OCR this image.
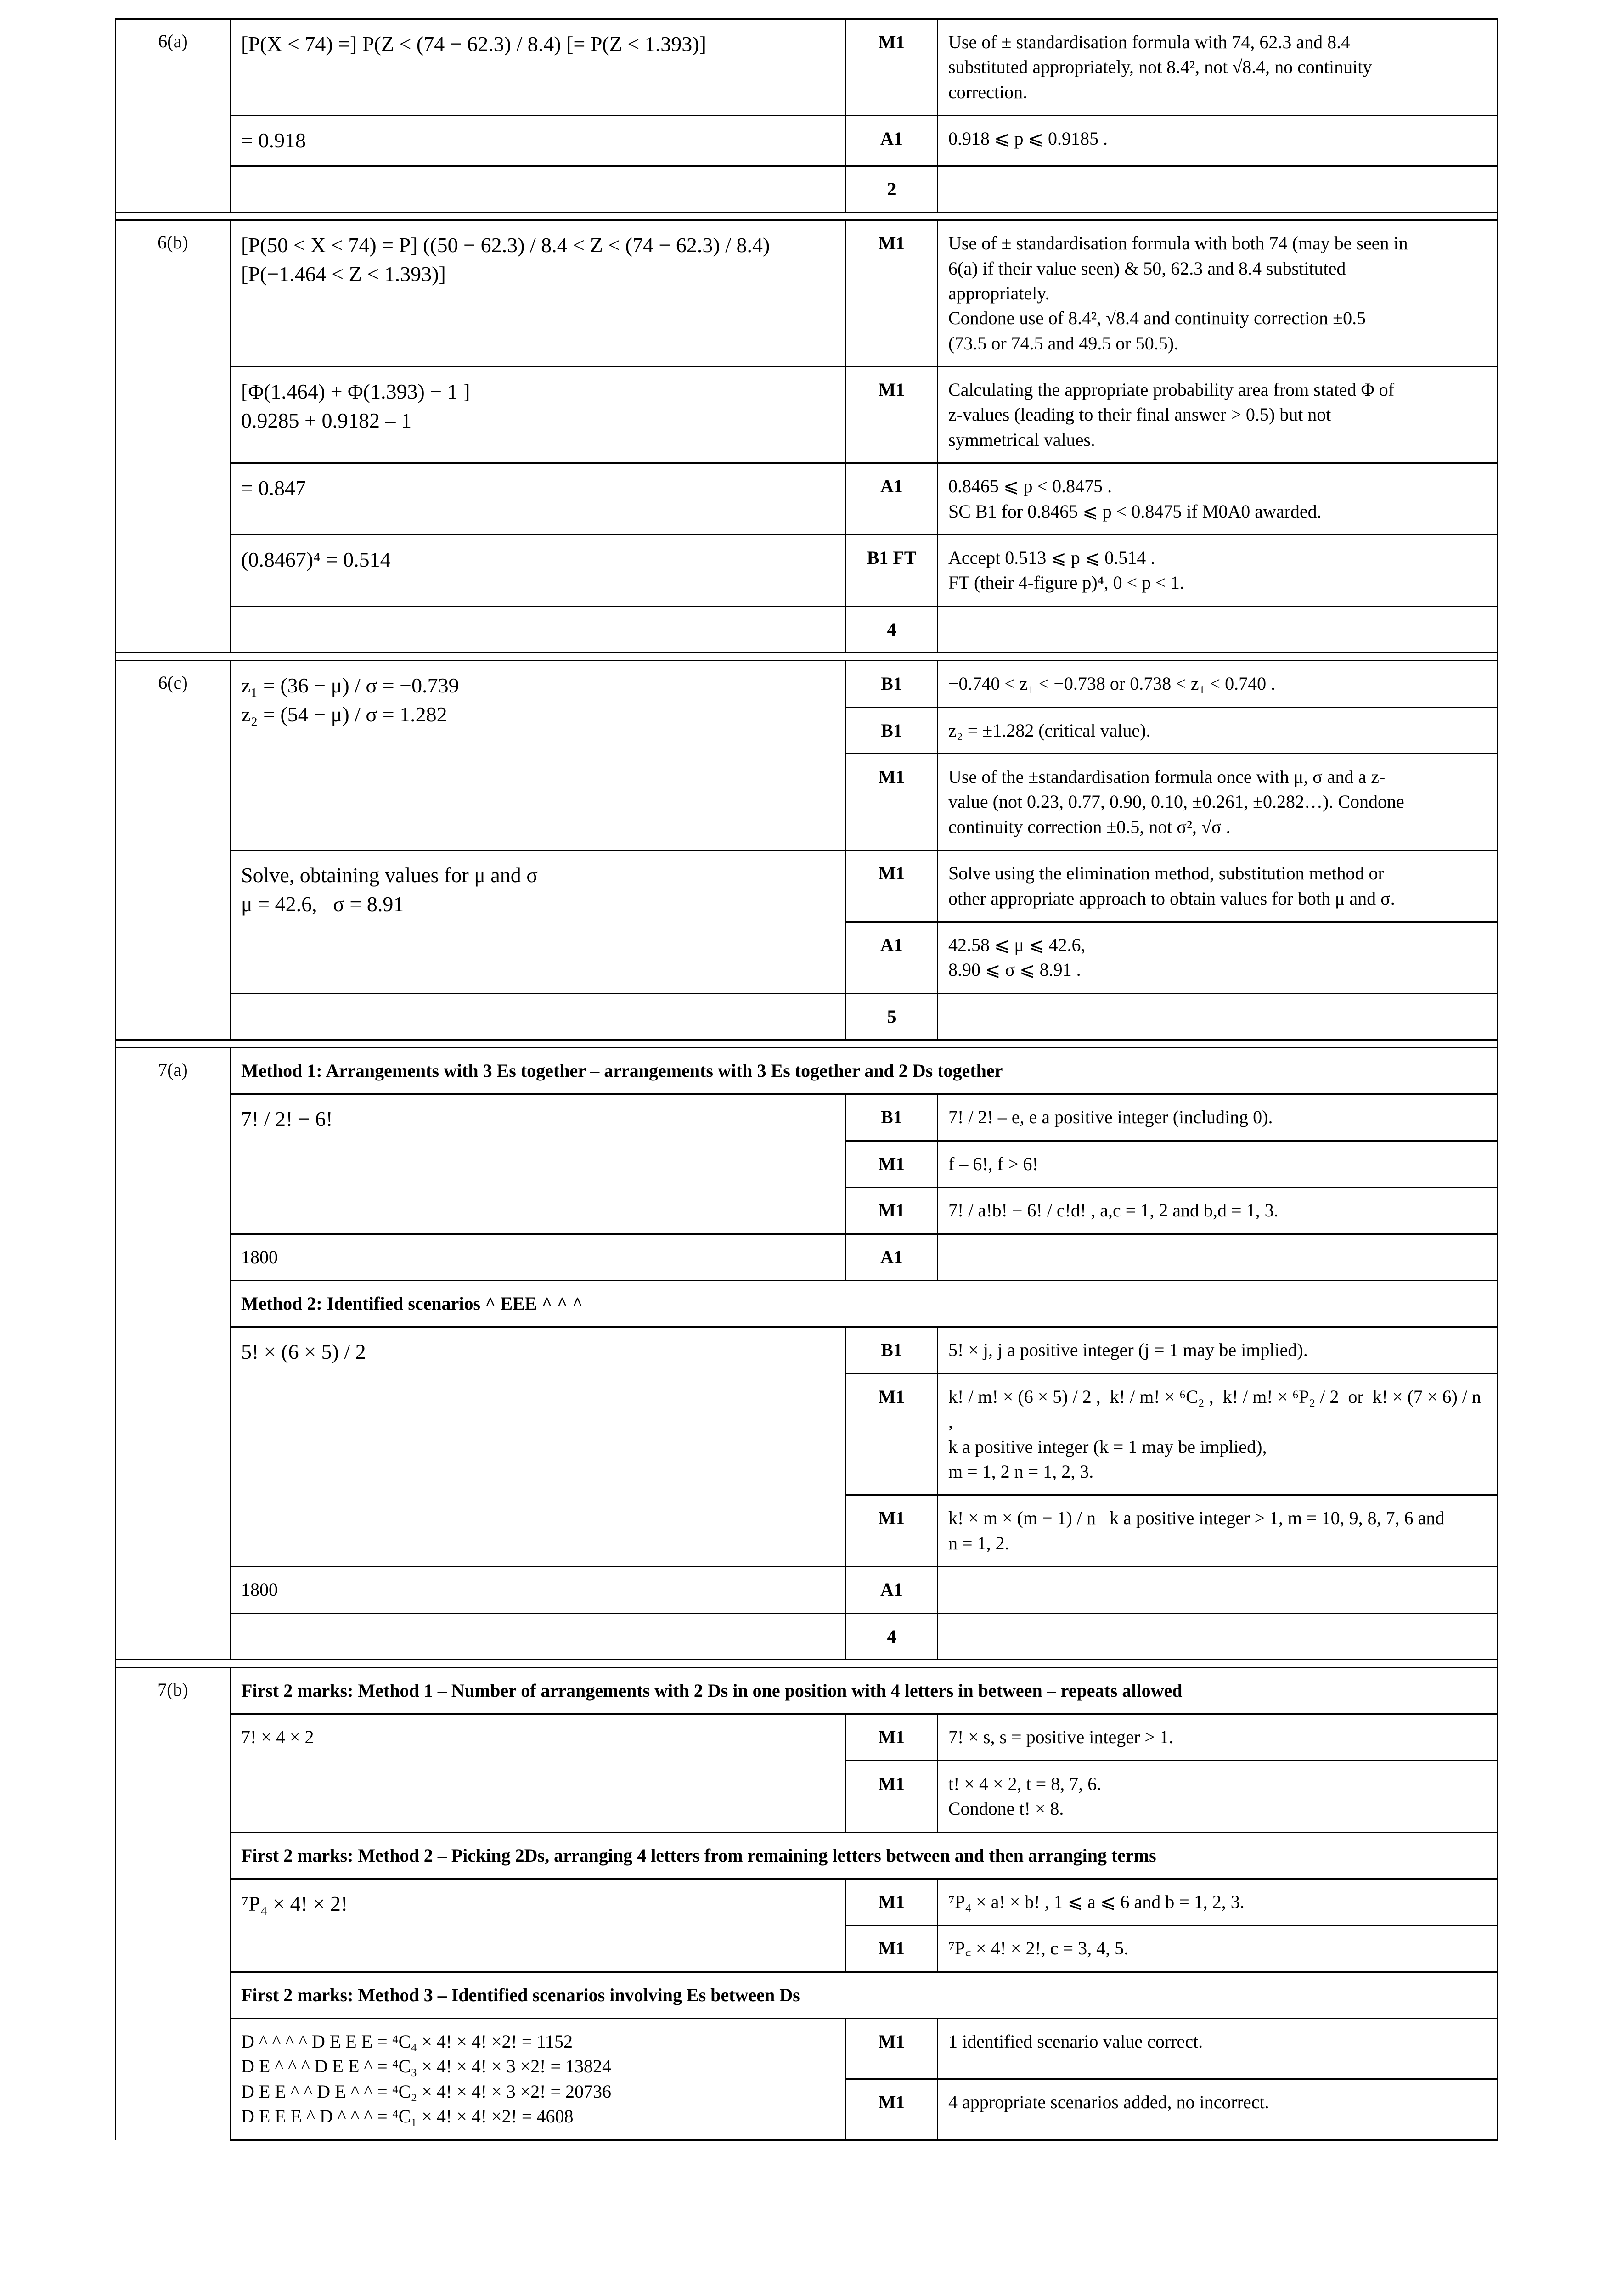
6(a)	[P(X < 74) =] P(Z < (74 − 62.3) / 8.4) [= P(Z < 1.393)]	M1	Use of ± standardisation formula with 74, 62.3 and 8.4
substituted appropriately, not 8.4², not √8.4, no continuity
correction.

	= 0.918	A1	0.918 ⩽ p ⩽ 0.9185 .

		2	

6(b)	[P(50 < X < 74) = P] ((50 − 62.3) / 8.4 < Z < (74 − 62.3) / 8.4)
[P(−1.464 < Z < 1.393)]	M1	Use of ± standardisation formula with both 74 (may be seen in
6(a) if their value seen) & 50, 62.3 and 8.4 substituted
appropriately.
Condone use of 8.4², √8.4 and continuity correction ±0.5
(73.5 or 74.5 and 49.5 or 50.5).

	[Φ(1.464) + Φ(1.393) − 1 ]
0.9285 + 0.9182 – 1	M1	Calculating the appropriate probability area from stated Φ of
z-values (leading to their final answer > 0.5) but not
symmetrical values.

	= 0.847	A1	0.8465 ⩽ p < 0.8475 .
SC B1 for 0.8465 ⩽ p < 0.8475 if M0A0 awarded.

	(0.8467)⁴ = 0.514	B1 FT	Accept 0.513 ⩽ p ⩽ 0.514 .
FT (their 4-figure p)⁴, 0 < p < 1.

		4	

6(c)	z₁ = (36 − μ) / σ = −0.739
z₂ = (54 − μ) / σ = 1.282	B1	−0.740 < z₁ < −0.738 or 0.738 < z₁ < 0.740 .

		B1	z₂ = ±1.282 (critical value).

		M1	Use of the ±standardisation formula once with μ, σ and a z-
value (not 0.23, 0.77, 0.90, 0.10, ±0.261, ±0.282…). Condone
continuity correction ±0.5, not σ², √σ .

	Solve, obtaining values for μ and σ
μ = 42.6,   σ = 8.91	M1	Solve using the elimination method, substitution method or
other appropriate approach to obtain values for both μ and σ.

		A1	42.58 ⩽ μ ⩽ 42.6,
8.90 ⩽ σ ⩽ 8.91 .

		5	

7(a)	Method 1: Arrangements with 3 Es together – arrangements with 3 Es together and 2 Ds together		
	7! / 2! − 6!	B1	7! / 2! – e, e a positive integer (including 0).
		M1	f – 6!, f > 6!
		M1	7! / a!b! − 6! / c!d! , a,c = 1, 2 and b,d = 1, 3.
	1800	A1	
	Method 2: Identified scenarios ^ EEE ^ ^ ^		
	5! × (6 × 5) / 2	B1	5! × j, j a positive integer (j = 1 may be implied).
		M1	k! / m! × (6 × 5) / 2 ,  k! / m! × ⁶C₂ ,  k! / m! × ⁶P₂ / 2  or  k! × (7 × 6) / n ,
k a positive integer (k = 1 may be implied),
m = 1, 2 n = 1, 2, 3.

		M1	k! × m × (m − 1) / n   k a positive integer > 1, m = 10, 9, 8, 7, 6 and
n = 1, 2.

	1800	A1	
		4	

7(b)	First 2 marks: Method 1 – Number of arrangements with 2 Ds in one position with 4 letters in between – repeats allowed		
	7! × 4 × 2	M1	7! × s, s = positive integer > 1.
		M1	t! × 4 × 2, t = 8, 7, 6.
Condone t! × 8.

	First 2 marks: Method 2 – Picking 2Ds, arranging 4 letters from remaining letters between and then arranging terms		
	⁷P₄ × 4! × 2!	M1	⁷P₄ × a! × b! , 1 ⩽ a ⩽ 6 and b = 1, 2, 3.
		M1	⁷P꜀ × 4! × 2!, c = 3, 4, 5.
	First 2 marks: Method 3 – Identified scenarios involving Es between Ds		

	D ^ ^ ^ ^ D E E E = ⁴C₄ × 4! × 4! ×2! = 1152
D E ^ ^ ^ D E E ^ = ⁴C₃ × 4! × 4! × 3 ×2! = 13824
D E E ^ ^ D E ^ ^ = ⁴C₂ × 4! × 4! × 3 ×2! = 20736
D E E E ^ D ^ ^ ^ = ⁴C₁ × 4! × 4! ×2! = 4608	M1	1 identified scenario value correct.
		M1	4 appropriate scenarios added, no incorrect.
